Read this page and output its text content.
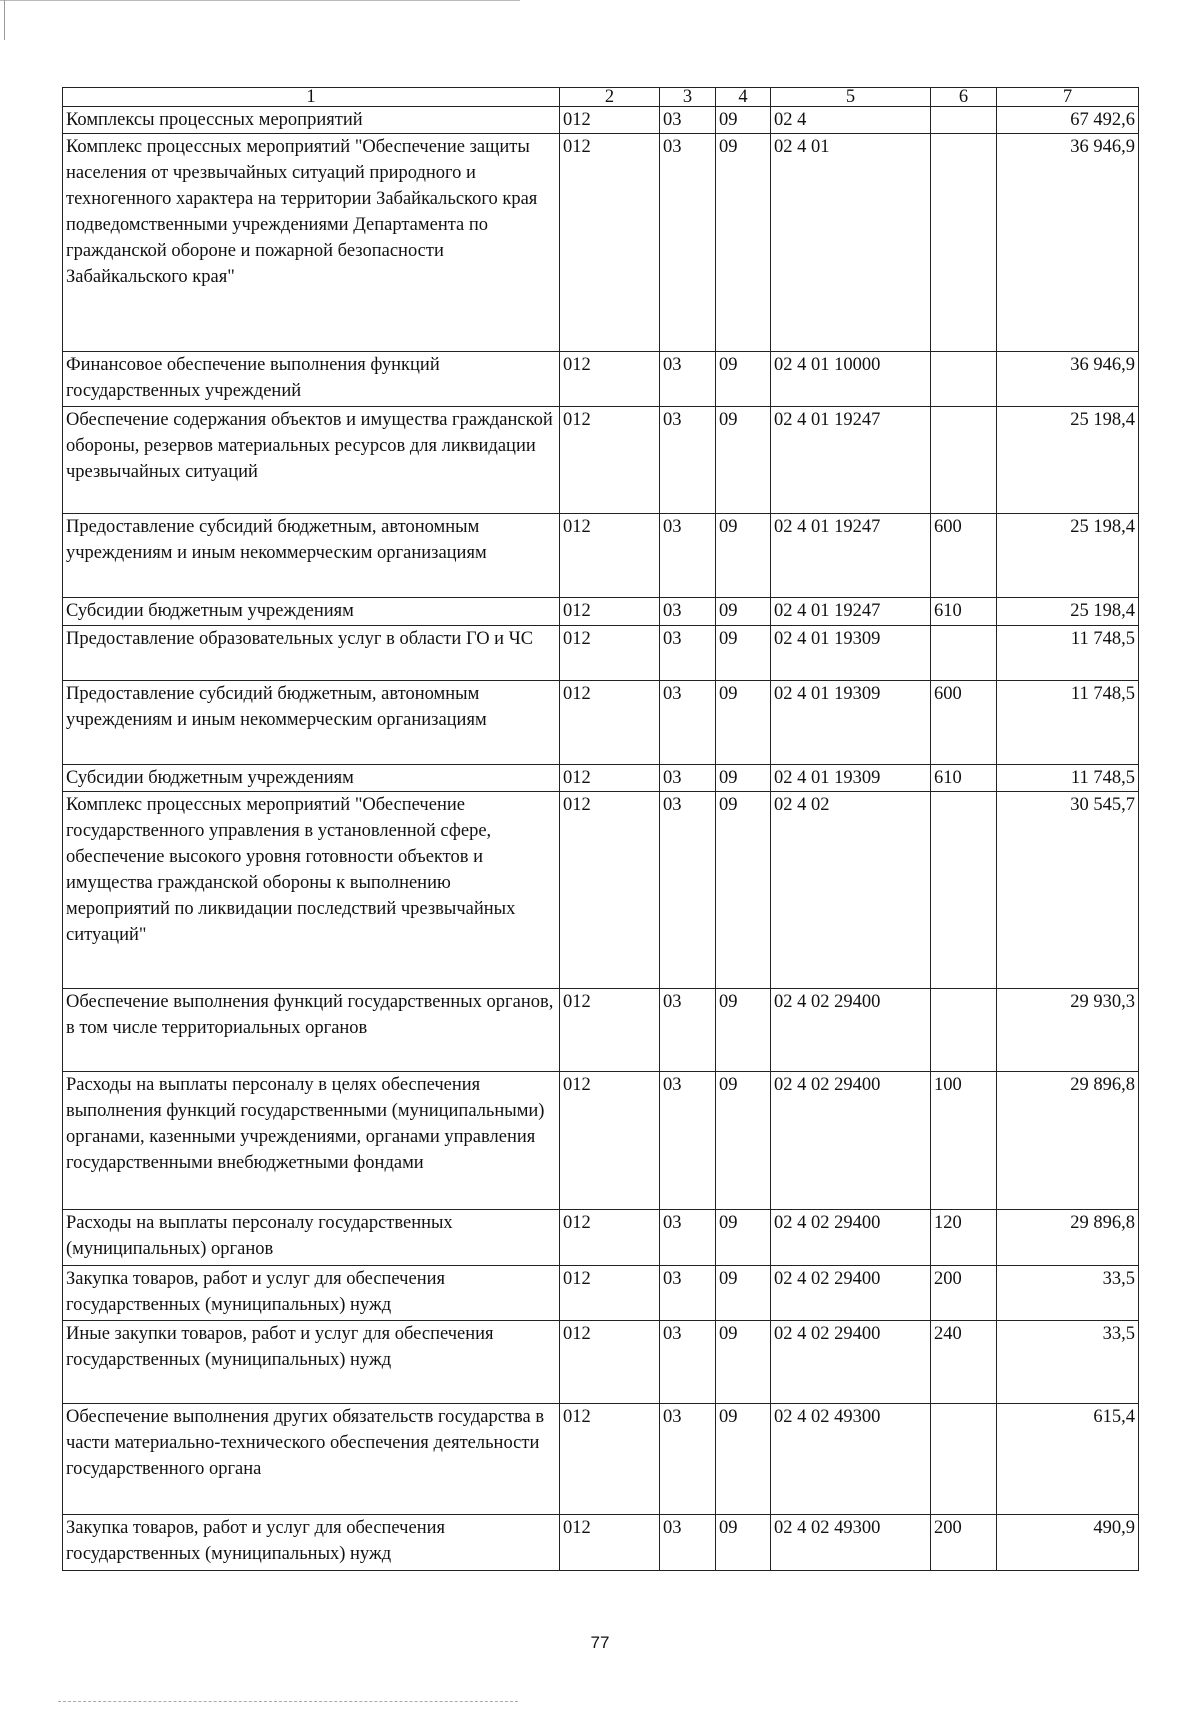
1	2	3	4	5	6	7
Комплексы процессных мероприятий	012	03	09	02 4		67 492,6
Комплекс процессных мероприятий "Обеспечение защиты населения от чрезвычайных ситуаций природного и техногенного характера на территории Забайкальского края подведомственными учреждениями Департамента по гражданской обороне и пожарной безопасности Забайкальского края"	012	03	09	02 4 01		36 946,9
Финансовое обеспечение выполнения функций государственных учреждений	012	03	09	02 4 01 10000		36 946,9
Обеспечение содержания объектов и имущества гражданской обороны, резервов материальных ресурсов для ликвидации чрезвычайных ситуаций	012	03	09	02 4 01 19247		25 198,4
Предоставление субсидий бюджетным, автономным учреждениям и иным некоммерческим организациям	012	03	09	02 4 01 19247	600	25 198,4
Субсидии бюджетным учреждениям	012	03	09	02 4 01 19247	610	25 198,4
Предоставление образовательных услуг в области ГО и ЧС	012	03	09	02 4 01 19309		11 748,5
Предоставление субсидий бюджетным, автономным учреждениям и иным некоммерческим организациям	012	03	09	02 4 01 19309	600	11 748,5
Субсидии бюджетным учреждениям	012	03	09	02 4 01 19309	610	11 748,5
Комплекс процессных мероприятий "Обеспечение государственного управления в установленной сфере, обеспечение высокого уровня готовности объектов и имущества гражданской обороны к выполнению мероприятий по ликвидации последствий чрезвычайных ситуаций"	012	03	09	02 4 02		30 545,7
Обеспечение выполнения функций государственных органов, в том числе территориальных органов	012	03	09	02 4 02 29400		29 930,3
Расходы на выплаты персоналу в целях обеспечения выполнения функций государственными (муниципальными) органами, казенными учреждениями, органами управления государственными внебюджетными фондами	012	03	09	02 4 02 29400	100	29 896,8
Расходы на выплаты персоналу государственных (муниципальных) органов	012	03	09	02 4 02 29400	120	29 896,8
Закупка товаров, работ и услуг для обеспечения государственных (муниципальных) нужд	012	03	09	02 4 02 29400	200	33,5
Иные закупки товаров, работ и услуг для обеспечения государственных (муниципальных) нужд	012	03	09	02 4 02 29400	240	33,5
Обеспечение выполнения других обязательств государства в части материально-технического обеспечения деятельности государственного органа	012	03	09	02 4 02 49300		615,4
Закупка товаров, работ и услуг для обеспечения государственных (муниципальных) нужд	012	03	09	02 4 02 49300	200	490,9
77
